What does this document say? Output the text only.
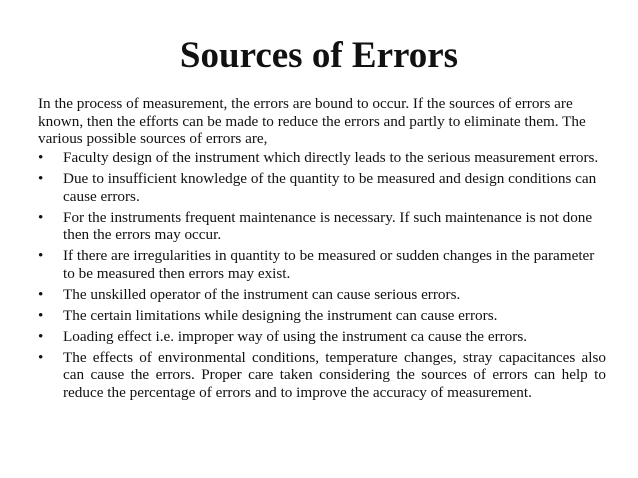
Sources of Errors

In the process of measurement, the errors are bound to occur. If the sources of errors are known, then the efforts can be made to reduce the errors and partly to eliminate them. The various possible sources of errors are,

•	Faculty design of the instrument which directly leads to the serious measurement errors.
•	Due to insufficient knowledge of the quantity to be measured and design conditions can cause errors.
•	For the instruments frequent maintenance is necessary. If such maintenance is not done then the errors may occur.
•	If there are irregularities in quantity to be measured or sudden changes in the parameter to be measured then errors may exist.
•	The unskilled operator of the instrument can cause serious errors.
•	The certain limitations while designing the instrument can cause errors.
•	Loading effect i.e. improper way of using the instrument ca cause the errors.
•	The effects of environmental conditions, temperature changes, stray capacitances also can cause the errors. Proper care taken considering the sources of errors can help to reduce the percentage of errors and to improve the accuracy of measurement.
